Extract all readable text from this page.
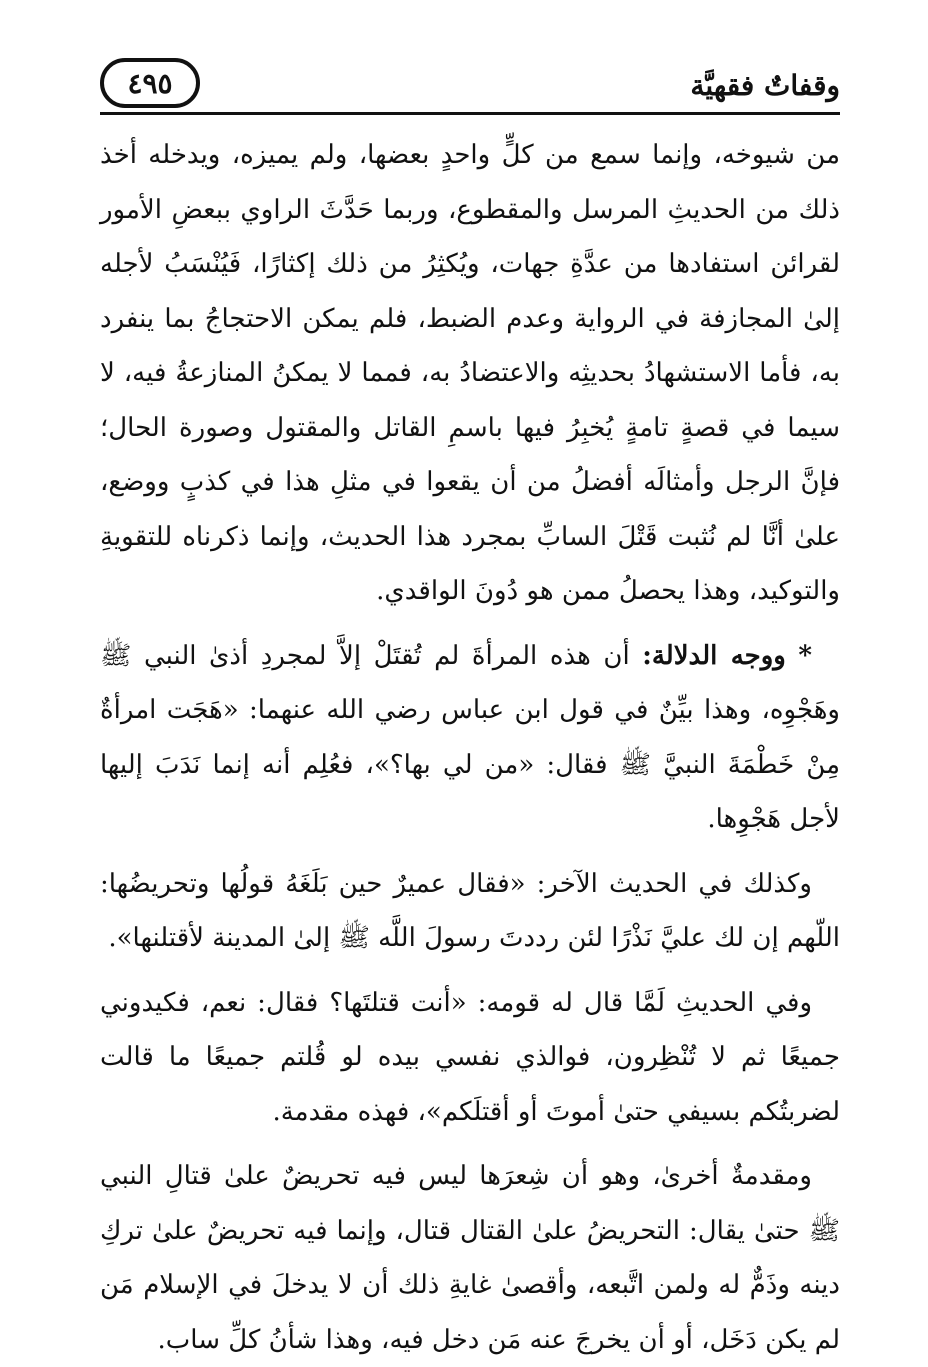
وقفاتٌ فقهيَّة
٤٩٥

من شيوخه، وإنما سمع من كلٍّ واحدٍ بعضها، ولم يميزه، ويدخله أخذ ذلك من الحديثِ المرسل والمقطوع، وربما حَدَّثَ الراوي ببعضِ الأمور لقرائن استفادها من عدَّةِ جهات، ويُكثِرُ من ذلك إكثارًا، فَيُنْسَبُ لأجله إلىٰ المجازفة في الرواية وعدم الضبط، فلم يمكن الاحتجاجُ بما ينفرد به، فأما الاستشهادُ بحديثِه والاعتضادُ به، فمما لا يمكنُ المنازعةُ فيه، لا سيما في قصةٍ تامةٍ يُخبِرُ فيها باسمِ القاتل والمقتول وصورة الحال؛ فإنَّ الرجل وأمثالَه أفضلُ من أن يقعوا في مثلِ هذا في كذبٍ ووضع، علىٰ أنَّا لم نُثبت قَتْلَ السابِّ بمجرد هذا الحديث، وإنما ذكرناه للتقويةِ والتوكيد، وهذا يحصلُ ممن هو دُونَ الواقدي.

* ووجه الدلالة: أن هذه المرأةَ لم تُقتَلْ إلاَّ لمجردِ أذىٰ النبي ﷺ وهَجْوِه، وهذا بيِّنٌ في قول ابن عباس رضي الله عنهما: «هَجَت امرأةٌ مِنْ خَطْمَةَ النبيَّ ﷺ فقال: «من لي بها؟»، فعُلِم أنه إنما نَدَبَ إليها لأجل هَجْوِها.

وكذلك في الحديث الآخر: «فقال عميرٌ حين بَلَغَهُ قولُها وتحريضُها: اللّهم إن لك عليَّ نَذْرًا لئن رددتَ رسولَ اللَّه ﷺ إلىٰ المدينة لأقتلنها».

وفي الحديثِ لَمَّا قال له قومه: «أنت قتلتَها؟ فقال: نعم، فكيدوني جميعًا ثم لا تُنْظِرون، فوالذي نفسي بيده لو قُلتم جميعًا ما قالت لضربتُكم بسيفي حتىٰ أموتَ أو أقتلَكم»، فهذه مقدمة.

ومقدمةٌ أخرىٰ، وهو أن شِعرَها ليس فيه تحريضٌ علىٰ قتالِ النبي ﷺ حتىٰ يقال: التحريضُ علىٰ القتال قتال، وإنما فيه تحريضٌ علىٰ تركِ دينه وذَمٌّ له ولمن اتَّبعه، وأقصىٰ غايةِ ذلك أن لا يدخلَ في الإسلام مَن لم يكن دَخَل، أو أن يخرجَ عنه مَن دخل فيه، وهذا شأنُ كلِّ ساب.
